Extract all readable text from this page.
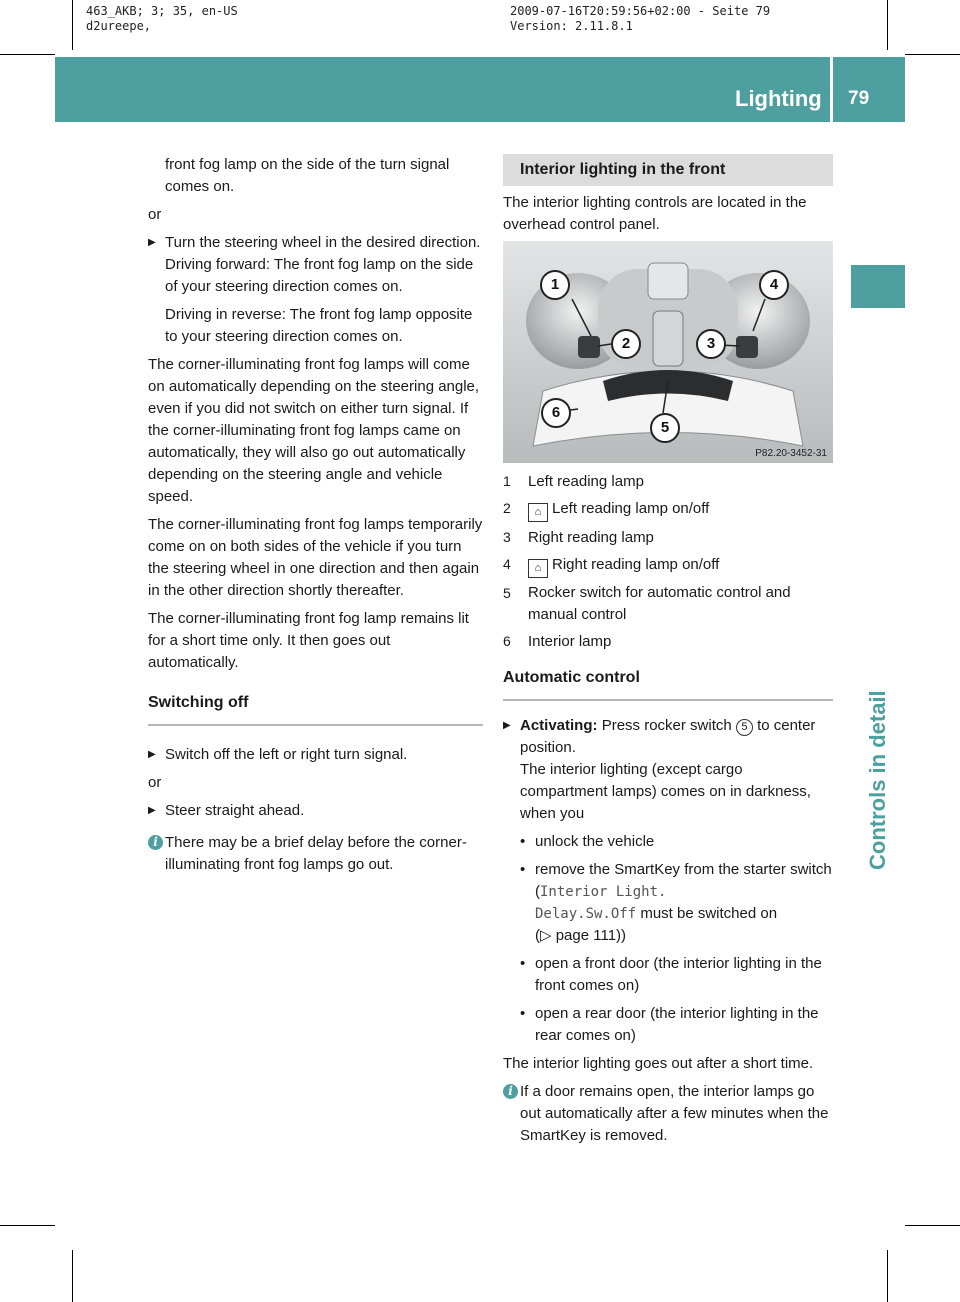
463_AKB; 3; 35, en-US
d2ureepe,
2009-07-16T20:59:56+02:00 - Seite 79
Version: 2.11.8.1
Lighting 79
Controls in detail

front fog lamp on the side of the turn signal comes on.

or

▶ Turn the steering wheel in the desired direction.

Driving forward: The front fog lamp on the side of your steering direction comes on.

Driving in reverse: The front fog lamp opposite to your steering direction comes on.

The corner-illuminating front fog lamps will come on automatically depending on the steering angle, even if you did not switch on either turn signal. If the corner-illuminating front fog lamps came on automatically, they will also go out automatically depending on the steering angle and vehicle speed.

The corner-illuminating front fog lamps temporarily come on on both sides of the vehicle if you turn the steering wheel in one direction and then again in the other direction shortly thereafter.

The corner-illuminating front fog lamp remains lit for a short time only. It then goes out automatically.

Switching off

▶ Switch off the left or right turn signal.

or

▶ Steer straight ahead.

i There may be a brief delay before the corner-illuminating front fog lamps go out.

Interior lighting in the front

The interior lighting controls are located in the overhead control panel.

1
2	3
4
5
6
P82.20-3452-31

1 Left reading lamp

2 ⌂ Left reading lamp on/off

3 Right reading lamp

4 ⌂ Right reading lamp on/off

5	Rocker switch for automatic control and manual control

6 Interior lamp

Automatic control
▶ Activating: Press rocker switch 5 to center position.

The interior lighting (except cargo compartment lamps) comes on in darkness, when you

• unlock the vehicle

• remove the SmartKey from the starter switch (Interior Light.
Delay.Sw.Off must be switched on
(▷ page 111))

• open a front door (the interior lighting in the front comes on)

• open a rear door (the interior lighting in the rear comes on)

The interior lighting goes out after a short time.

i If a door remains open, the interior lamps go out automatically after a few minutes when the SmartKey is removed.
